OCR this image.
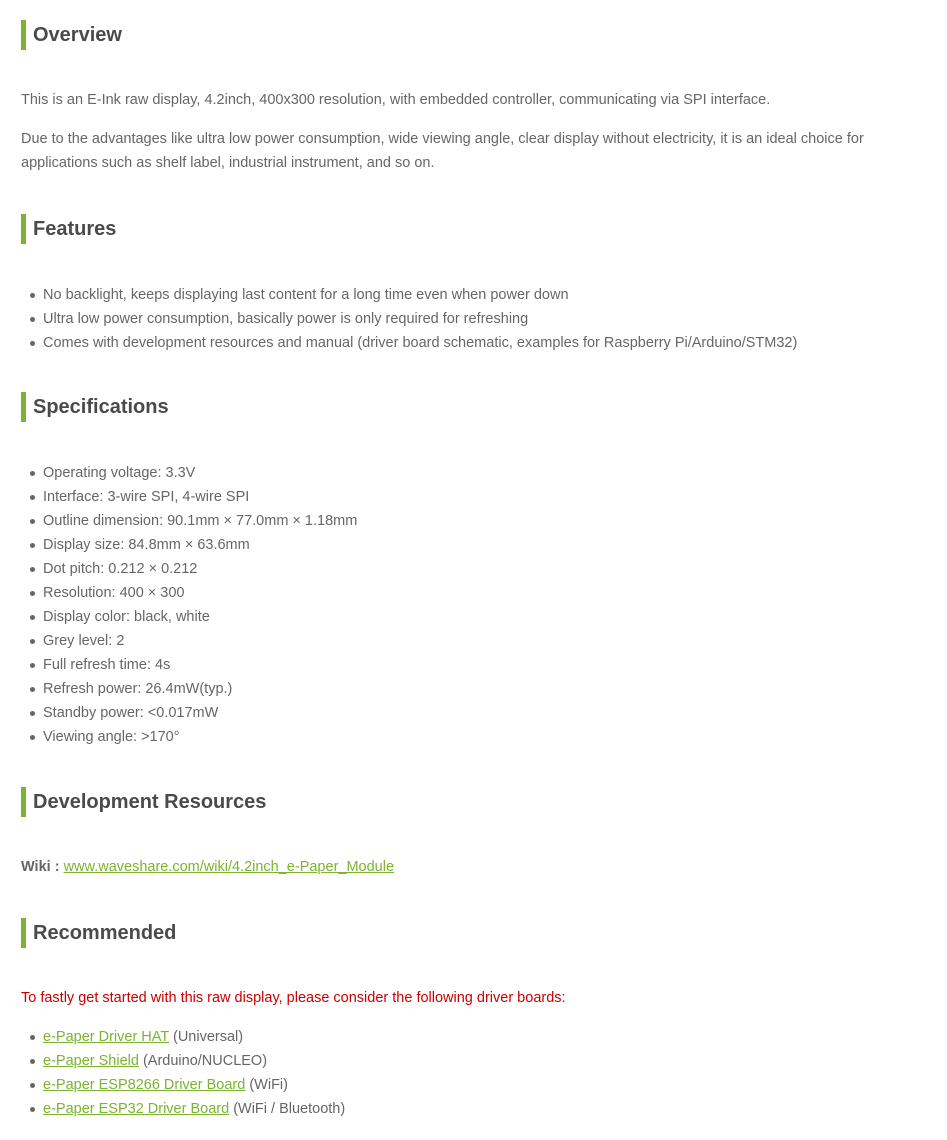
Overview

This is an E-Ink raw display, 4.2inch, 400x300 resolution, with embedded controller, communicating via SPI interface.

Due to the advantages like ultra low power consumption, wide viewing angle, clear display without electricity, it is an ideal choice for

applications such as shelf label, industrial instrument, and so on.

Features
No backlight, keeps displaying last content for a long time even when power down
Ultra low power consumption, basically power is only required for refreshing
Comes with development resources and manual (driver board schematic, examples for Raspberry Pi/Arduino/STM32)
Specifications
Operating voltage: 3.3V
Interface: 3-wire SPI, 4-wire SPI
Outline dimension: 90.1mm × 77.0mm × 1.18mm
Display size: 84.8mm × 63.6mm
Dot pitch: 0.212 × 0.212
Resolution: 400 × 300
Display color: black, white
Grey level: 2
Full refresh time: 4s
Refresh power: 26.4mW(typ.)
Standby power: <0.017mW
Viewing angle: >170°
Development Resources

Wiki : www.waveshare.com/wiki/4.2inch_e-Paper_Module

Recommended

To fastly get started with this raw display, please consider the following driver boards:

e-Paper Driver HAT (Universal)
e-Paper Shield (Arduino/NUCLEO)
e-Paper ESP8266 Driver Board (WiFi)
e-Paper ESP32 Driver Board (WiFi / Bluetooth)
